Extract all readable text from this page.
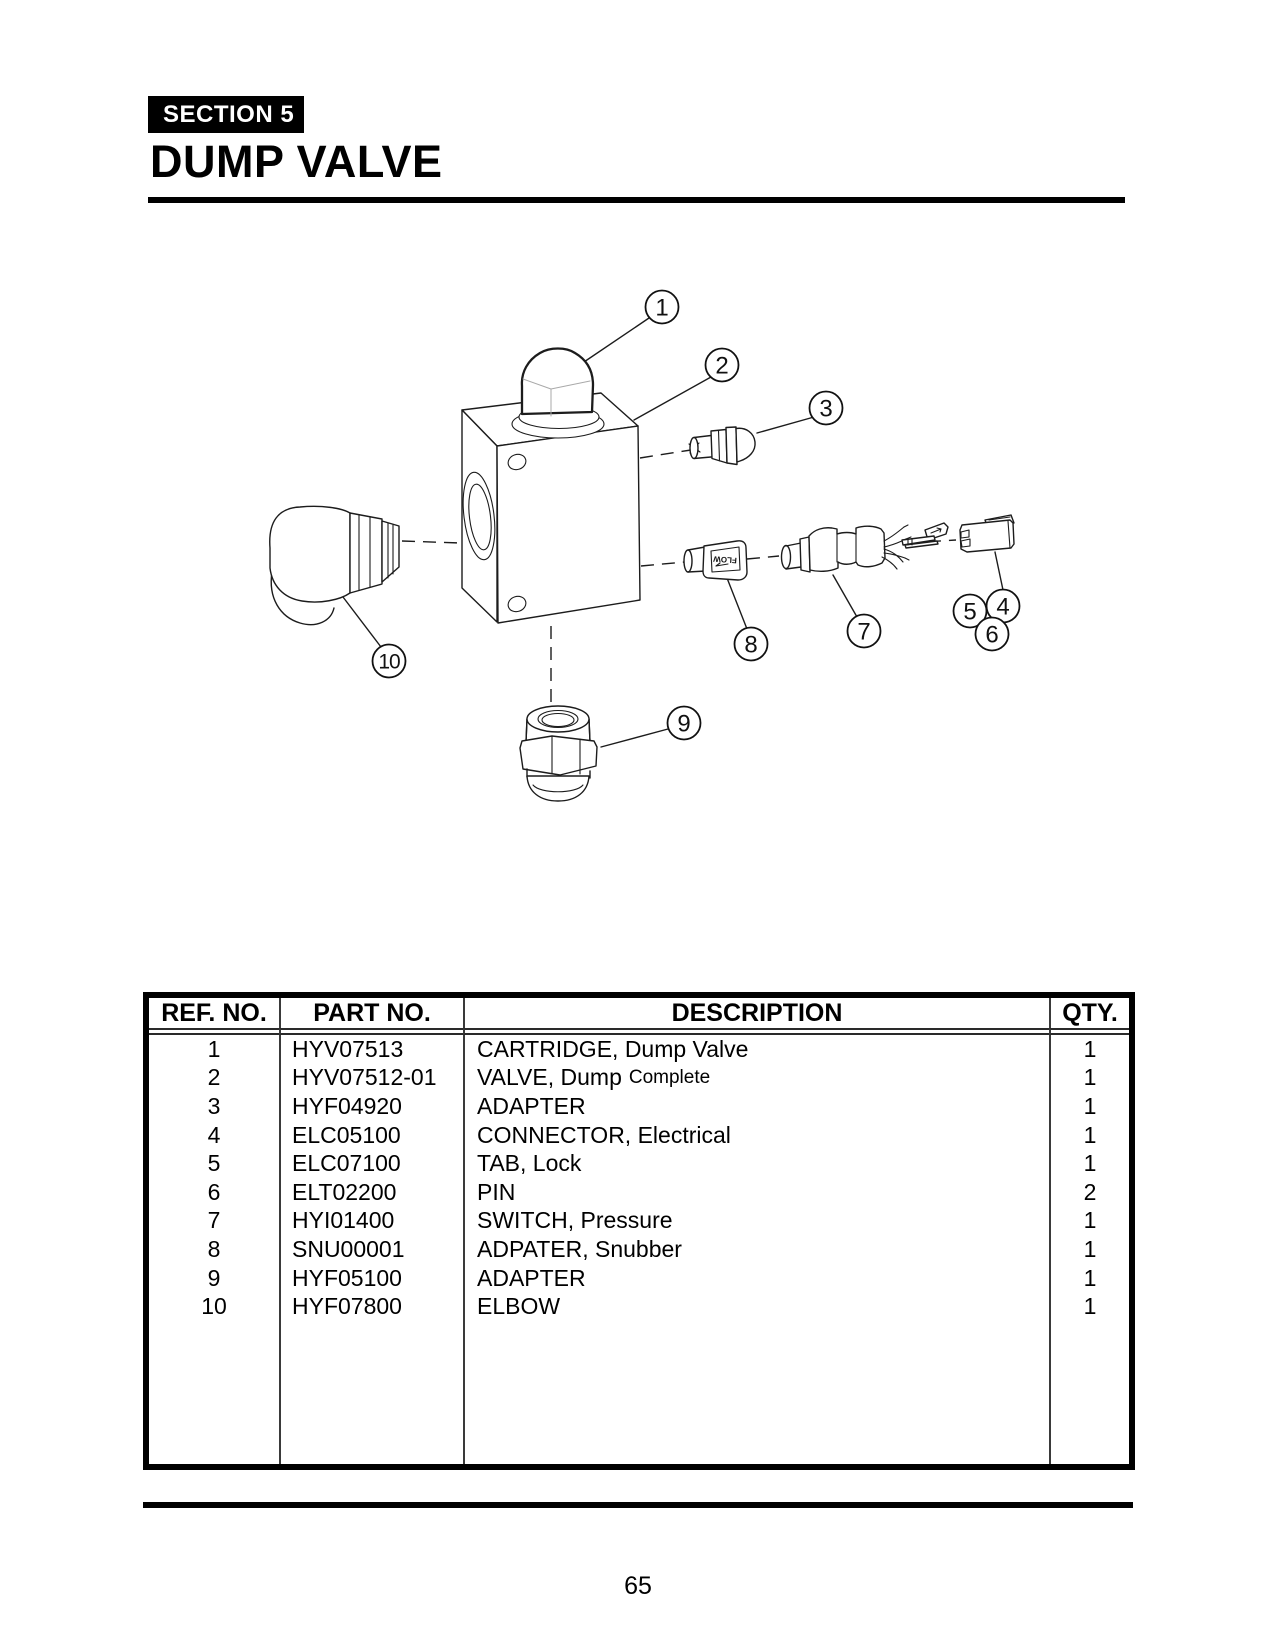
SECTION 5
DUMP VALVE
FLOW
1
2
3
4
5
6
7
8
9
10
REF. NO.	PART NO.	DESCRIPTION	QTY.
1	HYV07513	CARTRIDGE, Dump Valve	1
2	HYV07512-01	VALVE, Dump Complete	1
3	HYF04920	ADAPTER	1
4	ELC05100	CONNECTOR, Electrical	1
5	ELC07100	TAB, Lock	1
6	ELT02200	PIN	2
7	HYI01400	SWITCH, Pressure	1
8	SNU00001	ADPATER, Snubber	1
9	HYF05100	ADAPTER	1
10	HYF07800	ELBOW	1
65
